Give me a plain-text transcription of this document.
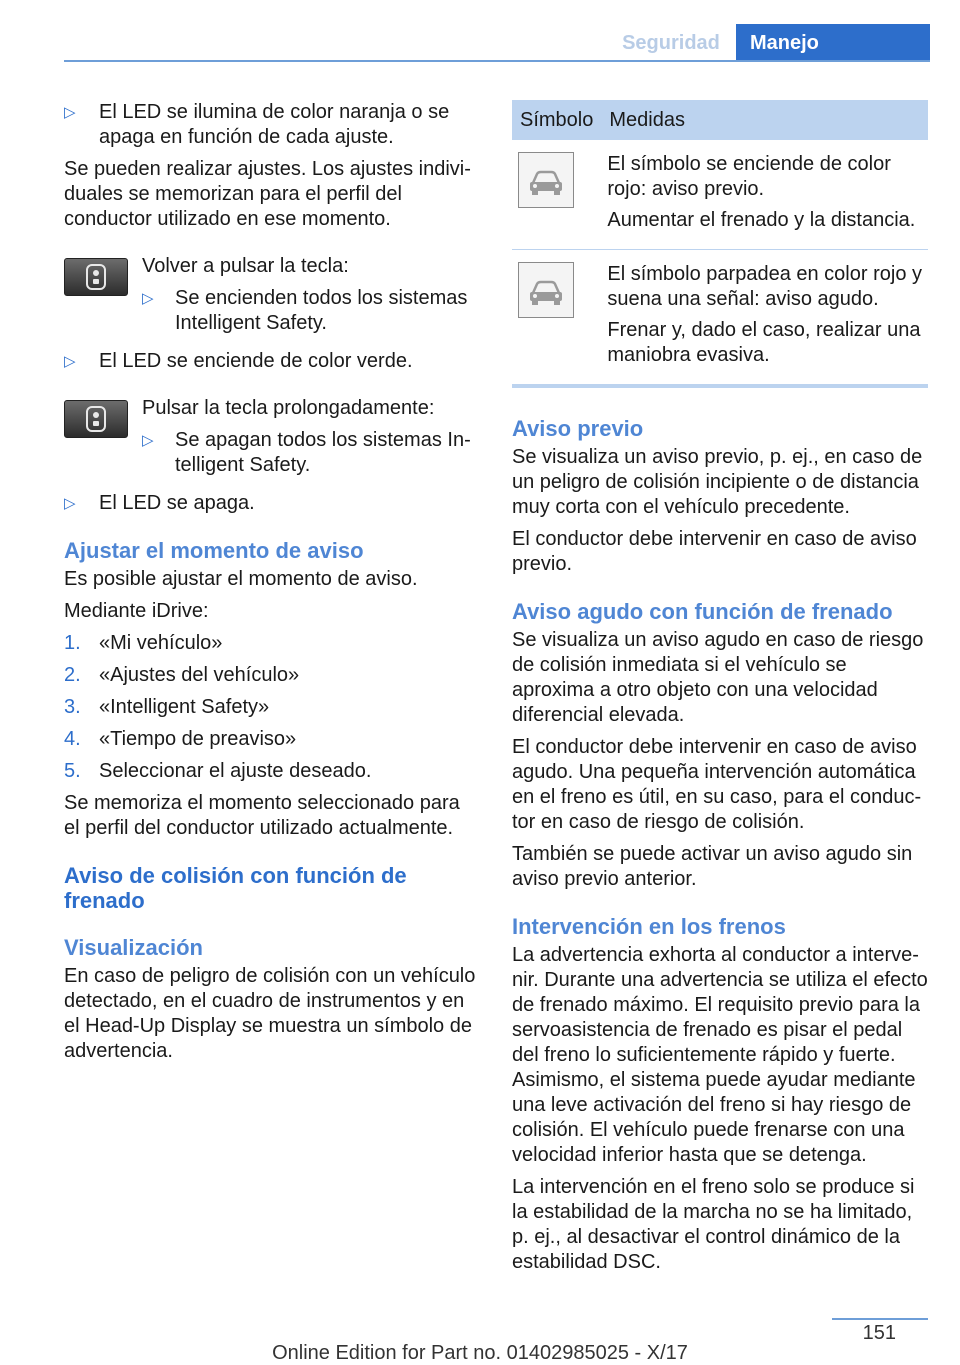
Seguridad	Manejo
▷ El LED se ilumina de color naranja o se apaga en función de cada ajuste.

Se pueden realizar ajustes. Los ajustes individuales se memorizan para el perfil del conductor utilizado en ese momento.

Volver a pulsar la tecla:

▷ Se encienden todos los sistemas Intelligent Safety.
▷ El LED se enciende de color verde.

Pulsar la tecla prolongadamente:

▷ Se apagan todos los sistemas Intelligent Safety.
▷ El LED se apaga.
Ajustar el momento de aviso

Es posible ajustar el momento de aviso.

Mediante iDrive:

1. «Mi vehículo»
2. «Ajustes del vehículo»
3. «Intelligent Safety»
4. «Tiempo de preaviso»
5. Seleccionar el ajuste deseado.

Se memoriza el momento seleccionado para el perfil del conductor utilizado actualmente.

Aviso de colisión con función de frenado
Visualización

En caso de peligro de colisión con un vehículo detectado, en el cuadro de instrumentos y en el Head-Up Display se muestra un símbolo de advertencia.

Símbolo	Medidas

El símbolo se enciende de color rojo: aviso previo.

Aumentar el frenado y la distancia.

El símbolo parpadea en color rojo y suena una señal: aviso agudo.

Frenar y, dado el caso, realizar una maniobra evasiva.

Aviso previo

Se visualiza un aviso previo, p. ej., en caso de un peligro de colisión incipiente o de distancia muy corta con el vehículo precedente.

El conductor debe intervenir en caso de aviso previo.

Aviso agudo con función de frenado

Se visualiza un aviso agudo en caso de riesgo de colisión inmediata si el vehículo se aproxima a otro objeto con una velocidad diferencial elevada.

El conductor debe intervenir en caso de aviso agudo. Una pequeña intervención automática en el freno es útil, en su caso, para el conductor en caso de riesgo de colisión.

También se puede activar un aviso agudo sin aviso previo anterior.

Intervención en los frenos

La advertencia exhorta al conductor a intervenir. Durante una advertencia se utiliza el efecto de frenado máximo. El requisito previo para la servoasistencia de frenado es pisar el pedal del freno lo suficientemente rápido y fuerte. Asimismo, el sistema puede ayudar mediante una leve activación del freno si hay riesgo de colisión. El vehículo puede frenarse con una velocidad inferior hasta que se detenga.

La intervención en el freno solo se produce si la estabilidad de la marcha no se ha limitado, p. ej., al desactivar el control dinámico de la estabilidad DSC.

151
Online Edition for Part no. 01402985025 - X/17
